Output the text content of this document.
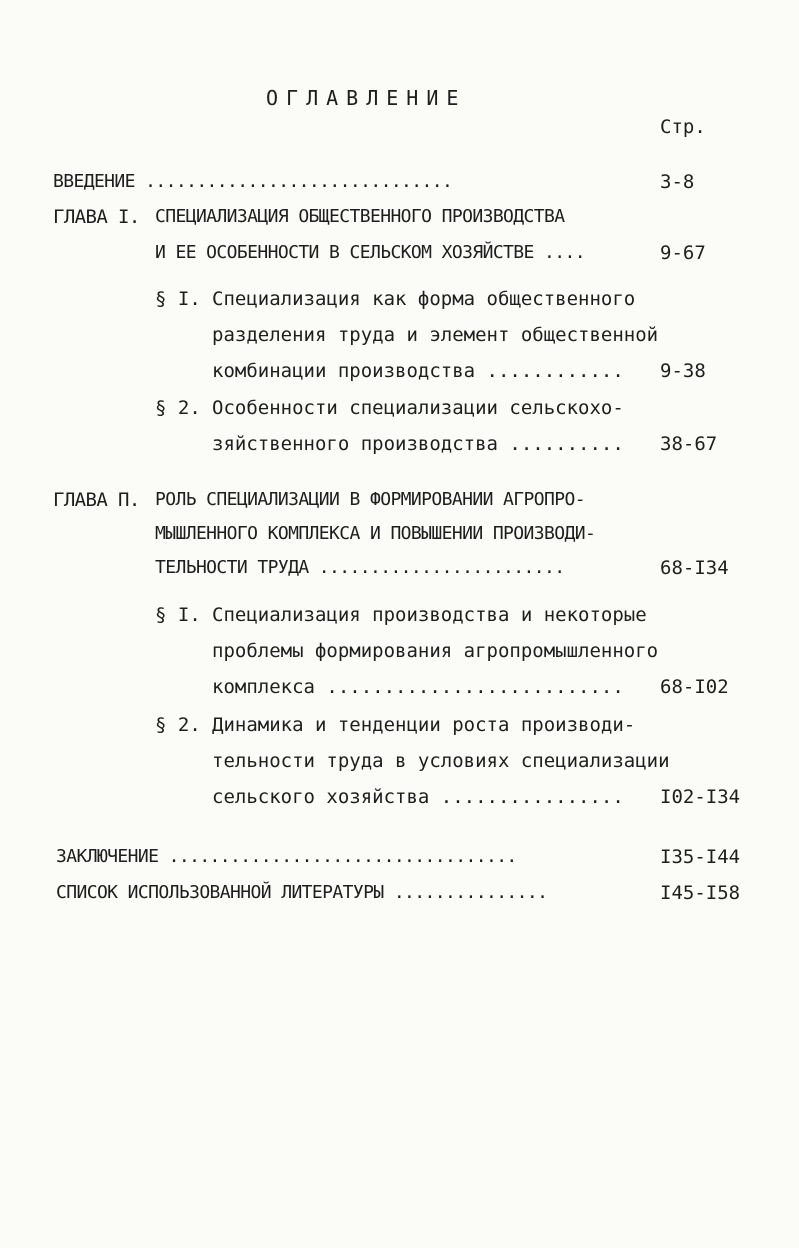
ОГЛАВЛЕНИЕ
Стр.
ВВЕДЕНИЕ ..............................	3-8
ГЛАВА I. СПЕЦИАЛИЗАЦИЯ ОБЩЕСТВЕННОГО ПРОИЗВОДСТВА
И ЕЕ ОСОБЕННОСТИ В СЕЛЬСКОМ ХОЗЯЙСТВЕ ....	9-67
§ I. Специализация как форма общественного
разделения труда и элемент общественной
комбинации производства ............ 9-38
§ 2. Особенности специализации сельскохо-
зяйственного производства .......... 38-67
ГЛАВА П. РОЛЬ СПЕЦИАЛИЗАЦИИ В ФОРМИРОВАНИИ АГРОПРО-
МЫШЛЕННОГО КОМПЛЕКСА И ПОВЫШЕНИИ ПРОИЗВОДИ-
ТЕЛЬНОСТИ ТРУДА ........................	68-I34
§ I. Специализация производства и некоторые
проблемы формирования агропромышленного
комплекса .......................... 68-I02
§ 2. Динамика и тенденции роста производи-
тельности труда в условиях специализации
сельского хозяйства ................ I02-I34
ЗАКЛЮЧЕНИЕ ..................................	I35-I44
СПИСОК ИСПОЛЬЗОВАННОЙ ЛИТЕРАТУРЫ ...............	I45-I58
